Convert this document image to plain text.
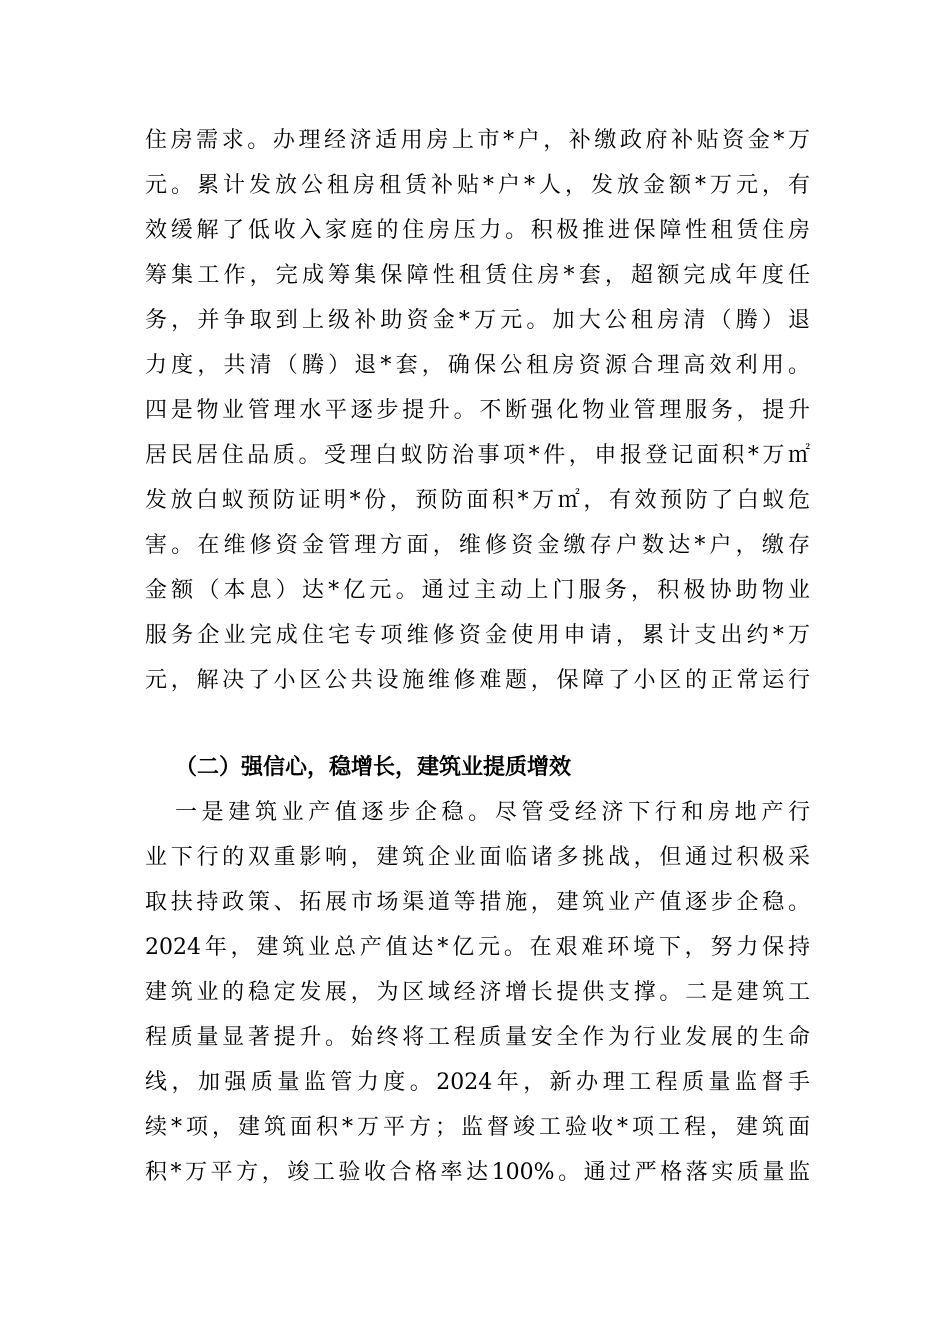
住房需求。办理经济适用房上市*户，补缴政府补贴资金*万
元。累计发放公租房租赁补贴*户*人，发放金额*万元，有
效缓解了低收入家庭的住房压力。积极推进保障性租赁住房
筹集工作，完成筹集保障性租赁住房*套，超额完成年度任
务，并争取到上级补助资金*万元。加大公租房清（腾）退
力度，共清（腾）退*套，确保公租房资源合理高效利用。
四是物业管理水平逐步提升。不断强化物业管理服务，提升
居民居住品质。受理白蚁防治事项*件，申报登记面积*万㎡
发放白蚁预防证明*份，预防面积*万㎡，有效预防了白蚁危
害。在维修资金管理方面，维修资金缴存户数达*户，缴存
金额（本息）达*亿元。通过主动上门服务，积极协助物业
服务企业完成住宅专项维修资金使用申请，累计支出约*万
元，解决了小区公共设施维修难题，保障了小区的正常运行
（二）强信心，稳增长，建筑业提质增效
一是建筑业产值逐步企稳。尽管受经济下行和房地产行
业下行的双重影响，建筑企业面临诸多挑战，但通过积极采
取扶持政策、拓展市场渠道等措施，建筑业产值逐步企稳。
2024年，建筑业总产值达*亿元。在艰难环境下，努力保持
建筑业的稳定发展，为区域经济增长提供支撑。二是建筑工
程质量显著提升。始终将工程质量安全作为行业发展的生命
线，加强质量监管力度。2024年，新办理工程质量监督手
续*项，建筑面积*万平方；监督竣工验收*项工程，建筑面
积*万平方，竣工验收合格率达100%。通过严格落实质量监
